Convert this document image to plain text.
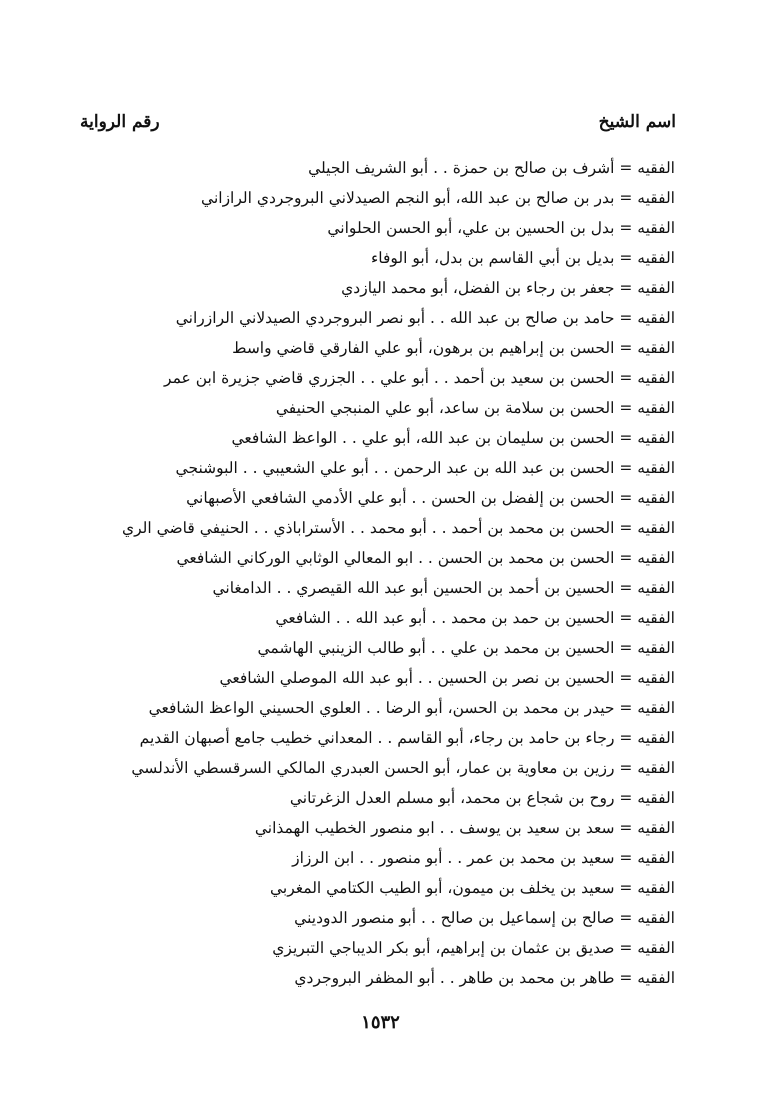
اسم الشيخ
رقم الرواية
الفقيه = أشرف بن صالح بن حمزة . . أبو الشريف الجيلي
الفقيه = بدر بن صالح بن عبد الله، أبو النجم الصيدلاني البروجردي الرازاني
الفقيه = بدل بن الحسين بن علي، أبو الحسن الحلواني
الفقيه = بديل بن أبي القاسم بن بدل، أبو الوفاء
الفقيه = جعفر بن رجاء بن الفضل، أبو محمد اليازدي
الفقيه = حامد بن صالح بن عبد الله . . أبو نصر البروجردي الصيدلاني الرازراني
الفقيه = الحسن بن إبراهيم بن برهون، أبو علي الفارقي قاضي واسط
الفقيه = الحسن بن سعيد بن أحمد . . أبو علي . . الجزري قاضي جزيرة ابن عمر
الفقيه = الحسن بن سلامة بن ساعد، أبو علي المنبجي الحنيفي
الفقيه = الحسن بن سليمان بن عبد الله، أبو علي . . الواعظ الشافعي
الفقيه = الحسن بن عبد الله بن عبد الرحمن . . أبو علي الشعيبي . . البوشنجي
الفقيه = الحسن بن إلفضل بن الحسن . . أبو علي الأدمي الشافعي الأصبهاني
الفقيه = الحسن بن محمد بن أحمد . . أبو محمد . . الأستراباذي . . الحنيفي قاضي الري
الفقيه = الحسن بن محمد بن الحسن . . ابو المعالي الوثابي الوركاني الشافعي
الفقيه = الحسين بن أحمد بن الحسين أبو عبد الله القيصري . . الدامغاني
الفقيه = الحسين بن حمد بن محمد . . أبو عبد الله . . الشافعي
الفقيه = الحسين بن محمد بن علي . . أبو طالب الزينبي الهاشمي
الفقيه = الحسين بن نصر بن الحسين . . أبو عبد الله الموصلي الشافعي
الفقيه = حيدر بن محمد بن الحسن، أبو الرضا . . العلوي الحسيني الواعظ الشافعي
الفقيه = رجاء بن حامد بن رجاء، أبو القاسم . . المعداني خطيب جامع أصبهان القديم
الفقيه = رزين بن معاوية بن عمار، أبو الحسن العبدري المالكي السرقسطي الأندلسي
الفقيه = روح بن شجاع بن محمد، أبو مسلم العدل الزغرتاني
الفقيه = سعد بن سعيد بن يوسف . . ابو منصور الخطيب الهمذاني
الفقيه = سعيد بن محمد بن عمر . . أبو منصور . . ابن الرزاز
الفقيه = سعيد بن يخلف بن ميمون، أبو الطيب الكتامي المغربي
الفقيه = صالح بن إسماعيل بن صالح . . أبو منصور الدوديني
الفقيه = صديق بن عثمان بن إبراهيم، أبو بكر الديباجي التبريزي
الفقيه = طاهر بن محمد بن طاهر . . أبو المظفر البروجردي
١٥٣٢
